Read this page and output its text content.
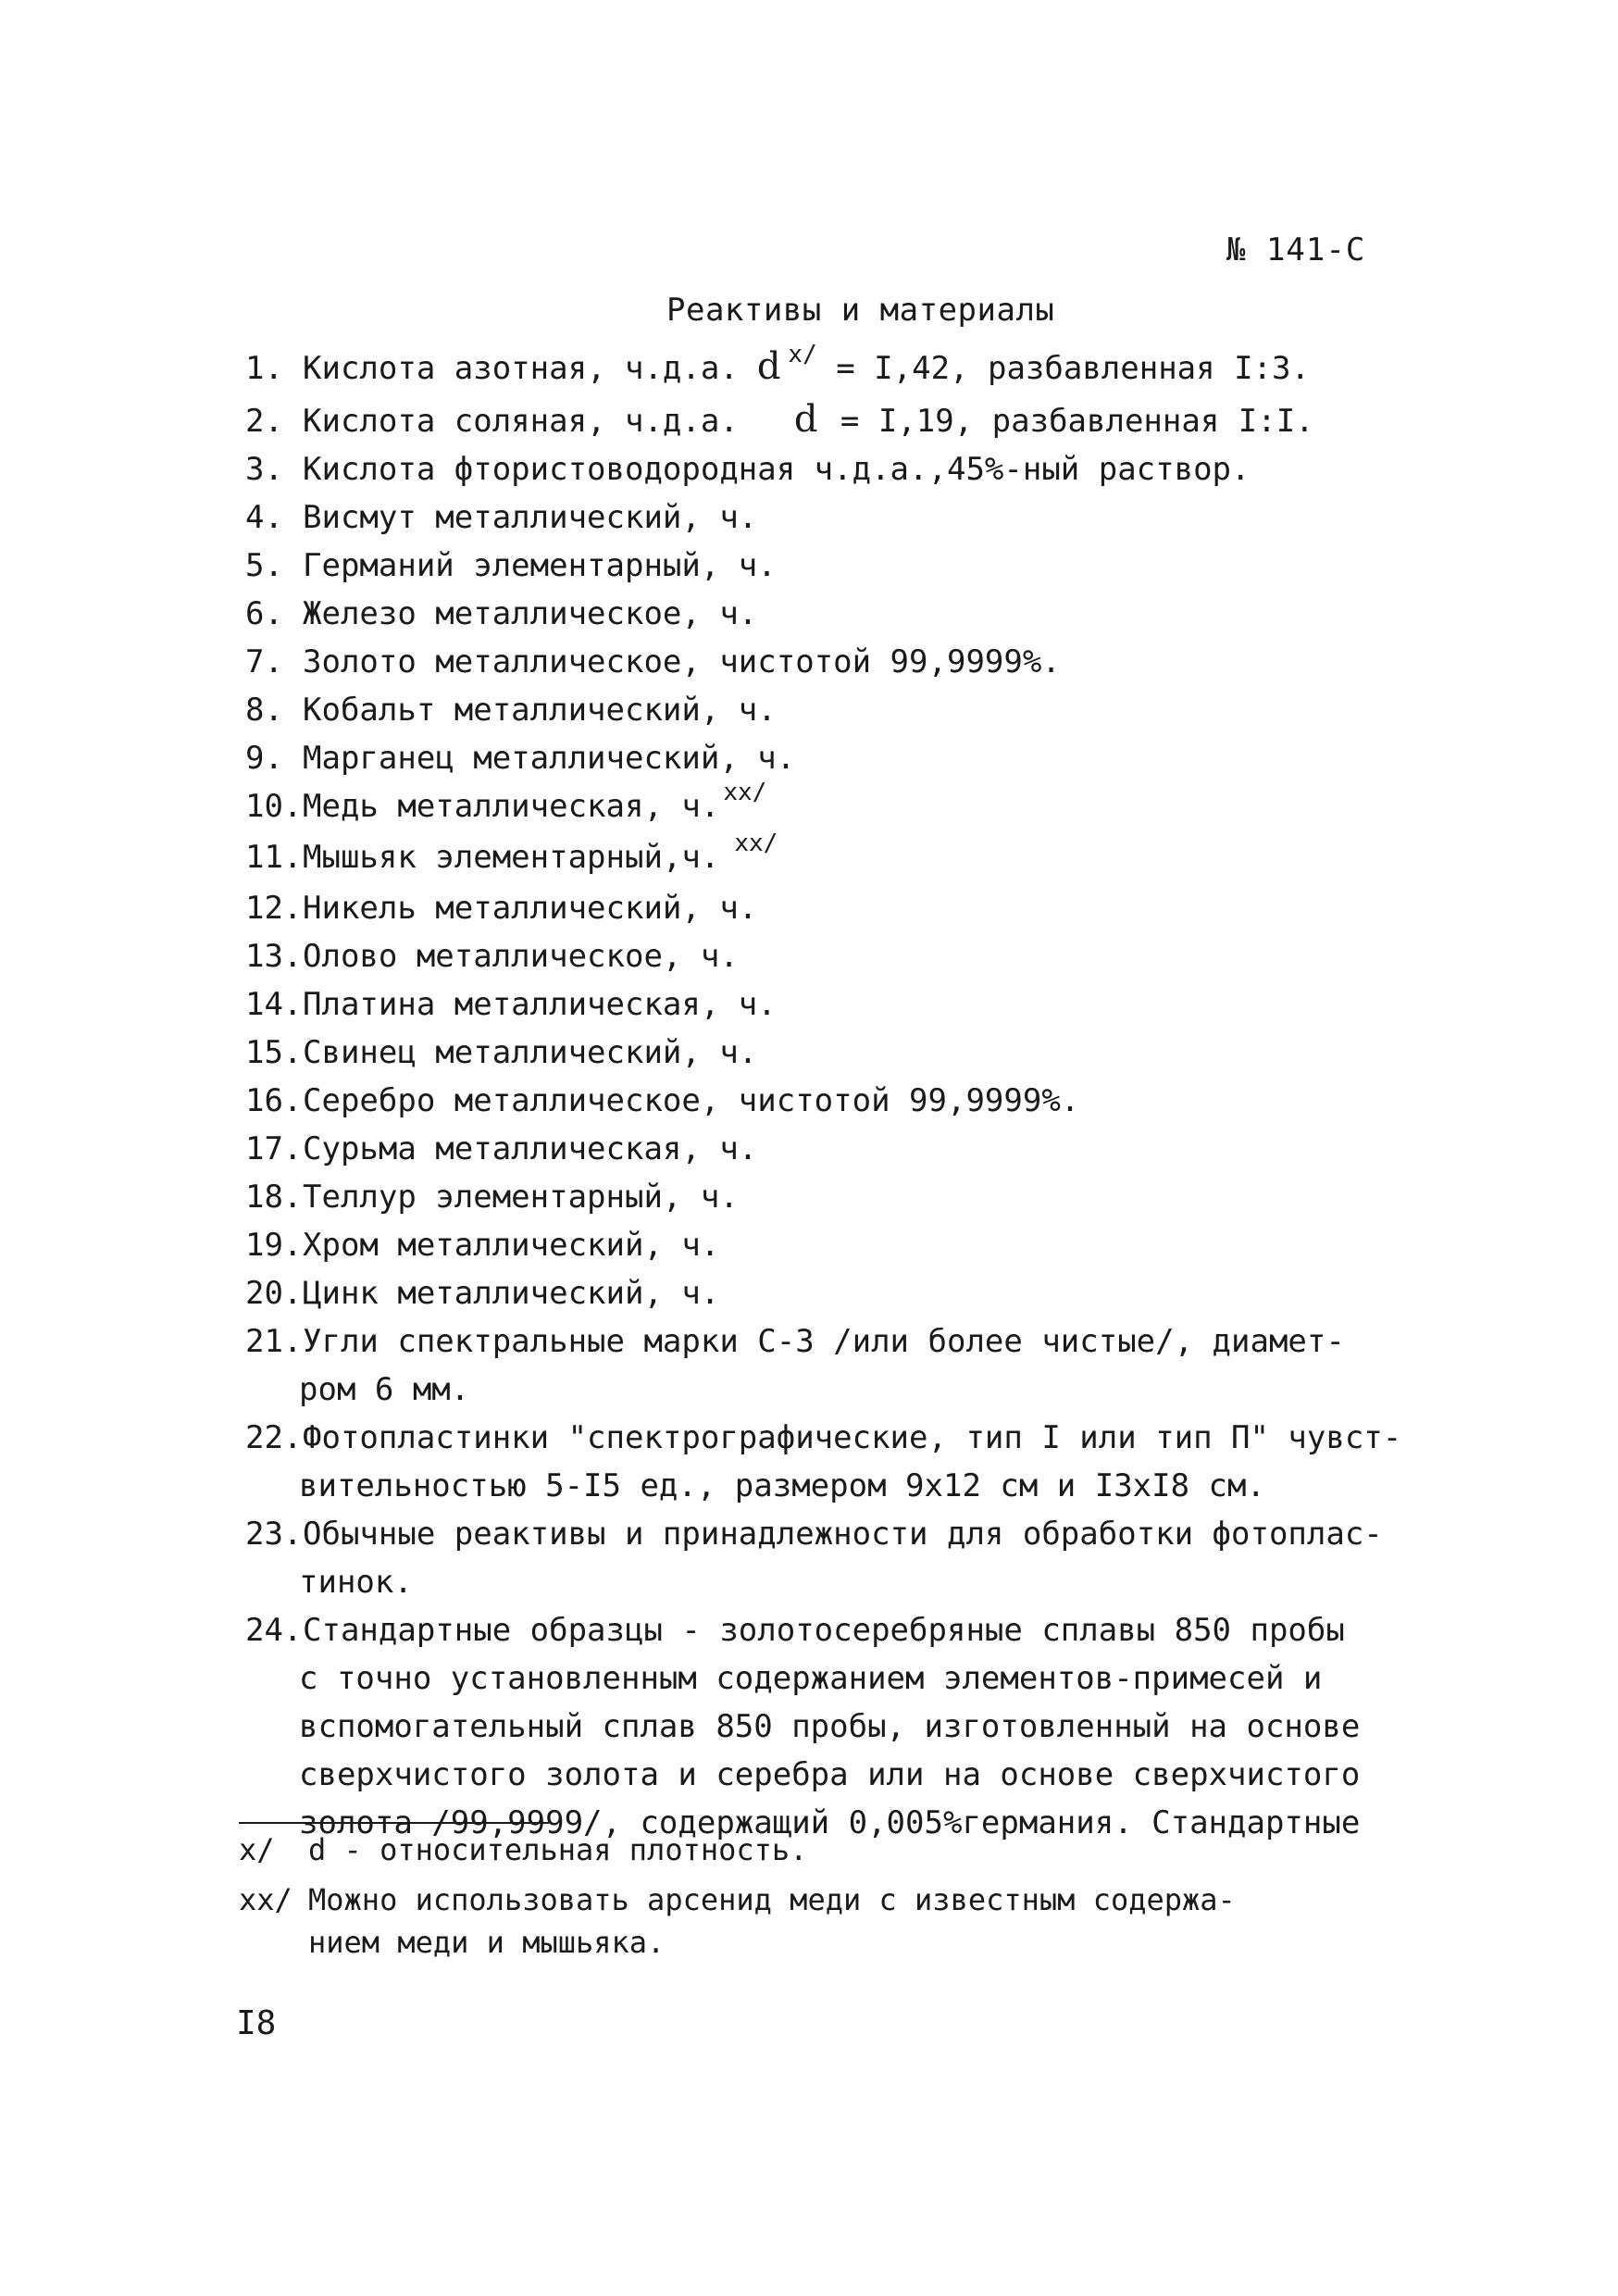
№ 141-С
Реактивы и материалы
1. Кислота азотная, ч.д.а. d $^{x/}$ = I,42, разбавленная I:3.
2. Кислота соляная, ч.д.а. d = I,19, разбавленная I:I.
3. Кислота фтористоводородная ч.д.а.,45%-ный раствор.
4. Висмут металлический, ч.
5. Германий элементарный, ч.
6. Железо металлическое, ч.
7. Золото металлическое, чистотой 99,9999%.
8. Кобальт металлический, ч.
9. Марганец металлический, ч.
10.Медь металлическая, ч. $^{xx/}$
11.Мышьяк элементарный,ч. $^{xx/}$
12.Никель металлический, ч.
13.Олово металлическое, ч.
14.Платина металлическая, ч.
15.Свинец металлический, ч.
16.Серебро металлическое, чистотой 99,9999%.
17.Сурьма металлическая, ч.
18.Теллур элементарный, ч.
19.Хром металлический, ч.
20.Цинк металлический, ч.
21.Угли спектральные марки С-3 /или более чистые/, диамет-
ром 6 мм.
22.Фотопластинки "спектрографические, тип I или тип П" чувст-
вительностью 5-I5 ед., размером 9х12 см и I3хI8 см.
23.Обычные реактивы и принадлежности для обработки фотоплас-
тинок.
24.Стандартные образцы - золотосеребряные сплавы 850 пробы
с точно установленным содержанием элементов-примесей и
вспомогательный сплав 850 пробы, изготовленный на основе
сверхчистого золота и серебра или на основе сверхчистого
золота /99,9999/, содержащий 0,005%германия. Стандартные
x/ d - относительная плотность.
xx/ Можно использовать арсенид меди с известным содержа-
нием меди и мышьяка.
I8
